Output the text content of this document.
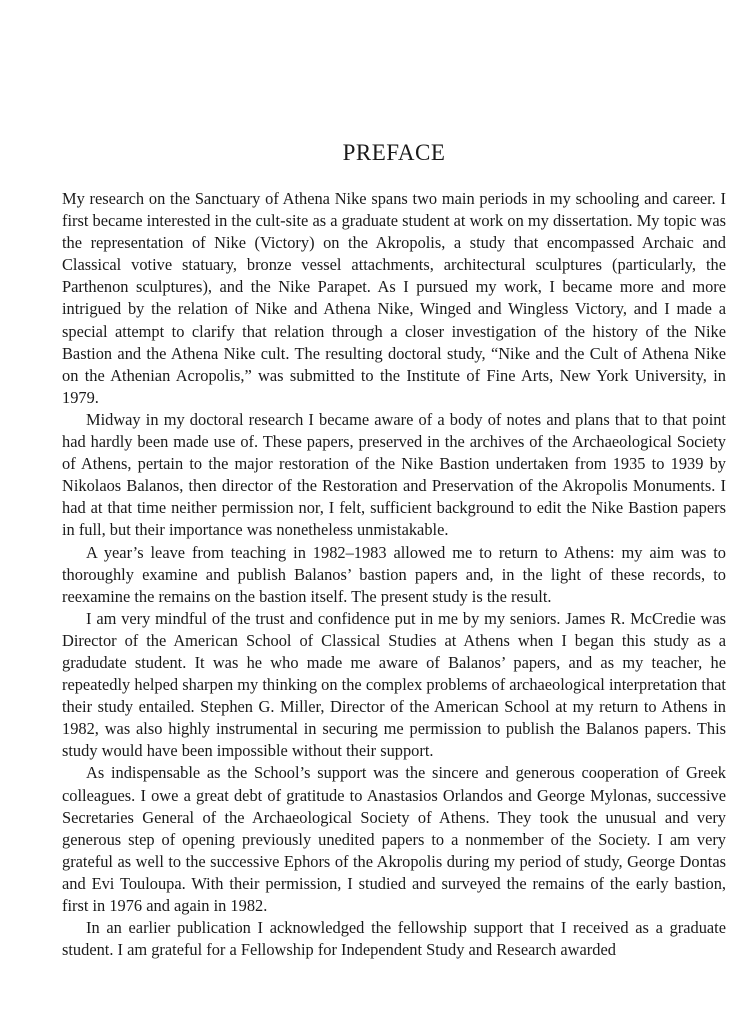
PREFACE

My research on the Sanctuary of Athena Nike spans two main periods in my schooling and career. I first became interested in the cult-site as a graduate student at work on my dissertation. My topic was the representation of Nike (Victory) on the Akropolis, a study that encompassed Archaic and Classical votive statuary, bronze vessel attachments, architectural sculptures (particularly, the Parthenon sculptures), and the Nike Parapet. As I pursued my work, I became more and more intrigued by the relation of Nike and Athena Nike, Winged and Wingless Victory, and I made a special attempt to clarify that relation through a closer investigation of the history of the Nike Bastion and the Athena Nike cult. The resulting doctoral study, “Nike and the Cult of Athena Nike on the Athenian Acropolis,” was submitted to the Institute of Fine Arts, New York University, in 1979.

Midway in my doctoral research I became aware of a body of notes and plans that to that point had hardly been made use of. These papers, preserved in the archives of the Archaeological Society of Athens, pertain to the major restoration of the Nike Bastion undertaken from 1935 to 1939 by Nikolaos Balanos, then director of the Restoration and Preservation of the Akropolis Monuments. I had at that time neither permission nor, I felt, sufficient background to edit the Nike Bastion papers in full, but their importance was nonetheless unmistakable.

A year’s leave from teaching in 1982–1983 allowed me to return to Athens: my aim was to thoroughly examine and publish Balanos’ bastion papers and, in the light of these records, to reexamine the remains on the bastion itself. The present study is the result.

I am very mindful of the trust and confidence put in me by my seniors. James R. McCredie was Director of the American School of Classical Studies at Athens when I began this study as a gradudate student. It was he who made me aware of Balanos’ papers, and as my teacher, he repeatedly helped sharpen my thinking on the complex problems of archaeological interpretation that their study entailed. Stephen G. Miller, Director of the American School at my return to Athens in 1982, was also highly instrumental in securing me permission to publish the Balanos papers. This study would have been impossible without their support.

As indispensable as the School’s support was the sincere and generous cooperation of Greek colleagues. I owe a great debt of gratitude to Anastasios Orlandos and George Mylonas, successive Secretaries General of the Archaeological Society of Athens. They took the unusual and very generous step of opening previously unedited papers to a nonmember of the Society. I am very grateful as well to the successive Ephors of the Akropolis during my period of study, George Dontas and Evi Touloupa. With their permission, I studied and surveyed the remains of the early bastion, first in 1976 and again in 1982.

In an earlier publication I acknowledged the fellowship support that I received as a graduate student. I am grateful for a Fellowship for Independent Study and Research awarded
